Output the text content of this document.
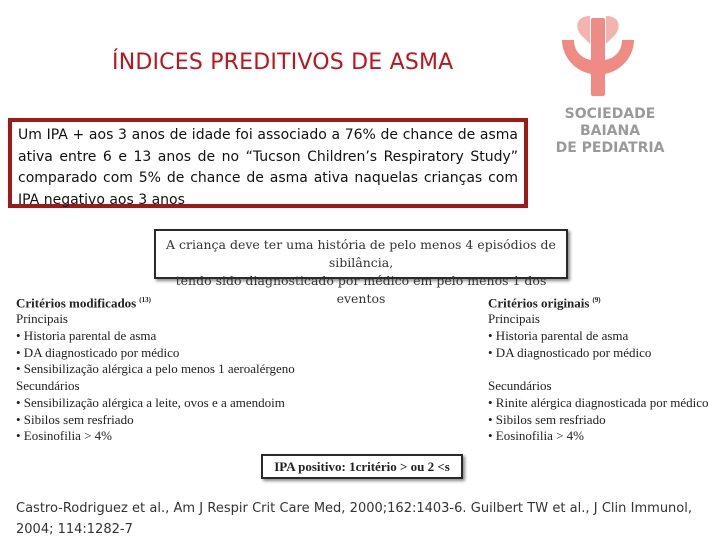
ÍNDICES PREDITIVOS DE ASMA

Um IPA + aos 3 anos de idade foi associado a 76% de chance de asma ativa entre 6 e 13 anos de no “Tucson Children’s Respiratory Study” comparado com 5% de chance de asma ativa naquelas crianças com IPA negativo aos 3 anos

SOCIEDADE
BAIANA
DE PEDIATRIA
A criança deve ter uma história de pelo menos 4 episódios de sibilância,
tendo sido diagnosticado por médico em pelo menos 1 dos eventos
Critérios modificados $^{(13)}$
Principais
• Historia parental de asma
• DA diagnosticado por médico
• Sensibilização alérgica a pelo menos 1 aeroalérgeno
Secundários
• Sensibilização alérgica a leite, ovos e a amendoim
• Sibilos sem resfriado
• Eosinofilia > 4%
Critérios originais $^{(9)}$
Principais
• Historia parental de asma
• DA diagnosticado por médico
Secundários
• Rinite alérgica diagnosticada por médico
• Sibilos sem resfriado
• Eosinofilia > 4%
IPA positivo: 1critério > ou 2 <s
Castro-Rodriguez et al., Am J Respir Crit Care Med, 2000;162:1403-6. Guilbert TW et al., J Clin Immunol, 2004; 114:1282-7
